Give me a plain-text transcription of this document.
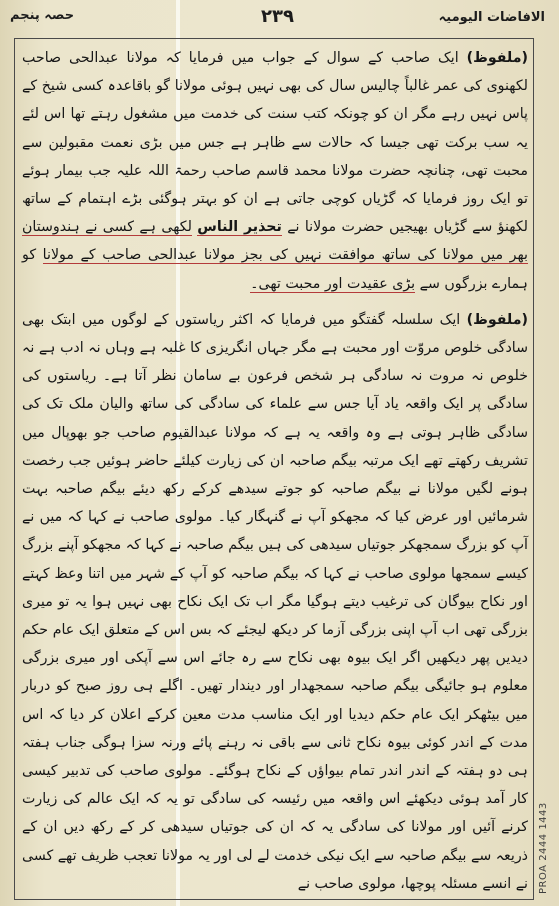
الافاضات الیومیہ
۲۳۹
حصہ پنجم

(ملفوظ) ایک صاحب کے سوال کے جواب میں فرمایا کہ مولانا عبدالحی صاحب لکھنوی کی عمر غالباً چالیس سال کی بھی نہیں ہوئی مولانا گو باقاعدہ کسی شیخ کے پاس نہیں رہے مگر ان کو چونکہ کتب سنت کی خدمت میں مشغول رہتے تھا اس لئے یہ سب برکت تھی جیسا کہ حالات سے ظاہر ہے جس میں بڑی نعمت مقبولین سے محبت تھی، چنانچہ حضرت مولانا محمد قاسم صاحب رحمۃ اللہ علیہ جب بیمار ہوئے تو ایک روز فرمایا کہ گڑیاں کوچی جاتی ہے ان کو بہتر ہوگئی بڑے اہتمام کے ساتھ لکھنؤ سے گڑیاں بھیجیں حضرت مولانا نے تحذیر الناس لکھی ہے کسی نے ہندوستان بھر میں مولانا کی ساتھ موافقت نہیں کی بجز مولانا عبدالحی صاحب کے مولانا کو ہمارے بزرگوں سے بڑی عقیدت اور محبت تھی۔

(ملفوظ) ایک سلسلہ گفتگو میں فرمایا کہ اکثر ریاستوں کے لوگوں میں ابتک بھی سادگی خلوص مروّت اور محبت ہے مگر جہاں انگریزی کا غلبہ ہے وہاں نہ ادب ہے نہ خلوص نہ مروت نہ سادگی ہر شخص فرعون بے سامان نظر آتا ہے۔ ریاستوں کی سادگی پر ایک واقعہ یاد آیا جس سے علماء کی سادگی کی ساتھ والیان ملک تک کی سادگی ظاہر ہوتی ہے وہ واقعہ یہ ہے کہ مولانا عبدالقیوم صاحب جو بھوپال میں تشریف رکھتے تھے ایک مرتبہ بیگم صاحبہ ان کی زیارت کیلئے حاضر ہوئیں جب رخصت ہونے لگیں مولانا نے بیگم صاحبہ کو جوتے سیدھے کرکے رکھ دیئے بیگم صاحبہ بہت شرمائیں اور عرض کیا کہ مجھکو آپ نے گنہگار کیا۔ مولوی صاحب نے کہا کہ میں نے آپ کو بزرگ سمجھکر جوتیاں سیدھی کی ہیں بیگم صاحبہ نے کہا کہ مجھکو آپنے بزرگ کیسے سمجھا مولوی صاحب نے کہا کہ بیگم صاحبہ کو آپ کے شہر میں اتنا وعظ کہتے اور نکاح بیوگان کی ترغیب دیتے ہوگیا مگر اب تک ایک نکاح بھی نہیں ہوا یہ تو میری بزرگی تھی اب آپ اپنی بزرگی آزما کر دیکھ لیجئے کہ بس اس کے متعلق ایک عام حکم دیدیں پھر دیکھیں اگر ایک بیوہ بھی نکاح سے رہ جائے اس سے آپکی اور میری بزرگی معلوم ہو جائیگی بیگم صاحبہ سمجھدار اور دیندار تھیں۔ اگلے ہی روز صبح کو دربار میں بیٹھکر ایک عام حکم دیدیا اور ایک مناسب مدت معین کرکے اعلان کر دیا کہ اس مدت کے اندر کوئی بیوہ نکاح ثانی سے باقی نہ رہنے پائے ورنہ سزا ہوگی جناب ہفتہ ہی دو ہفتہ کے اندر اندر تمام بیواؤں کے نکاح ہوگئے۔ مولوی صاحب کی تدبیر کیسی کار آمد ہوئی دیکھئے اس واقعہ میں رئیسہ کی سادگی تو یہ کہ ایک عالم کی زیارت کرنے آئیں اور مولانا کی سادگی یہ کہ ان کی جوتیاں سیدھی کر کے رکھ دیں ان کے ذریعہ سے بیگم صاحبہ سے ایک نیکی خدمت لے لی اور یہ مولانا تعجب ظریف تھے کسی نے انسے مسئلہ پوچھا، مولوی صاحب نے PROA 2444 1443
